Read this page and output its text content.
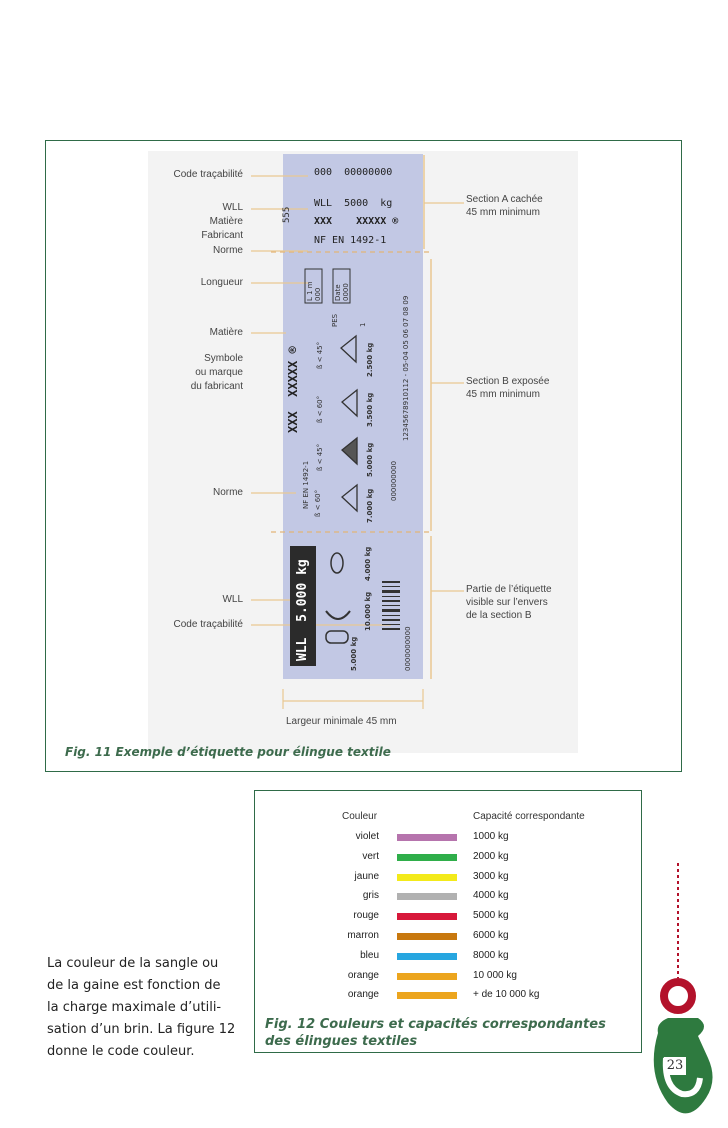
000  00000000
WLL  5000  kg
XXX    XXXXX ®
NF EN 1492-1
555
L 1 m 000 Date 0000
PES	1
XXX  XXXXX ®	12345678910112 - 05-04 05 06 07 08 09
000000000
NF EN 1492-1
ß < 45°
ß < 60°
ß < 45°
ß < 60°
2.500 kg
3.500 kg
5.000 kg
7.000 kg
WLL  5.000 kg	4.000 kg
10.000 kg
5.000 kg	0000000000
Code traçabilité
WLL
Matière
Fabricant
Norme
Longueur
Matière
Symbole
ou marque
du fabricant
Norme
WLL
Code traçabilité
Section A cachée
45 mm minimum
Section B exposée
45 mm minimum
Partie de l’étiquette
visible sur l’envers
de la section B
Largeur minimale 45 mm
Fig. 11 Exemple d’étiquette pour élingue textile
Couleur	Capacité correspondante
violet	1000 kg
vert	2000 kg
jaune	3000 kg
gris	4000 kg
rouge	5000 kg
marron	6000 kg
bleu	8000 kg
orange	10 000 kg
orange	+ de 10 000 kg
Fig. 12 Couleurs et capacités correspondantes
des élingues textiles
La couleur de la sangle ou
de la gaine est fonction de
la charge maximale d’utili-
sation d’un brin. La figure 12
donne le code couleur.
23
